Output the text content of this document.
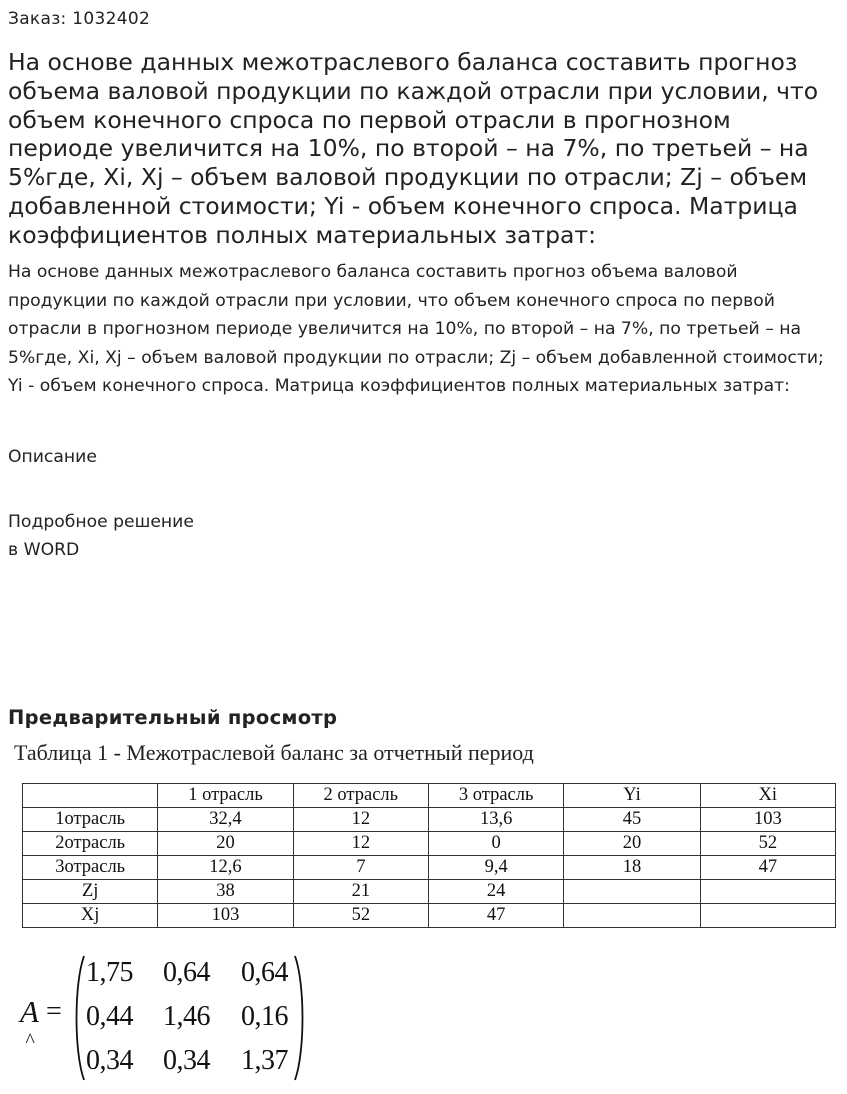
Заказ: 1032402

На основе данных межотраслевого баланса составить прогноз объема валовой продукции по каждой отрасли при условии, что объем конечного спроса по первой отрасли в прогнозном периоде увеличится на 10%, по второй – на 7%, по третьей – на 5%где, Xi, Xj – объем валовой продукции по отрасли; Zj – объем добавленной стоимости; Yi - объем конечного спроса. Матрица коэффициентов полных материальных затрат:

На основе данных межотраслевого баланса составить прогноз объема валовой продукции по каждой отрасли при условии, что объем конечного спроса по первой отрасли в прогнозном периоде увеличится на 10%, по второй – на 7%, по третьей – на 5%где, Xi, Xj – объем валовой продукции по отрасли; Zj – объем добавленной стоимости; Yi - объем конечного спроса. Матрица коэффициентов полных материальных затрат:

Описание
Подробное решение
в WORD
Предварительный просмотр
Таблица 1 - Межотраслевой баланс за отчетный период
	1 отрасль	2 отрасль	3 отрасль	Yi	Xi
1отрасль	32,4	12	13,6	45	103
2отрасль	20	12	0	20	52
3отрасль	12,6	7	9,4	18	47
Zj	38	21	24		
Xj	103	52	47		
A
^
=
1,75 0,64 0,64
0,44 1,46 0,16
0,34 0,34 1,37
